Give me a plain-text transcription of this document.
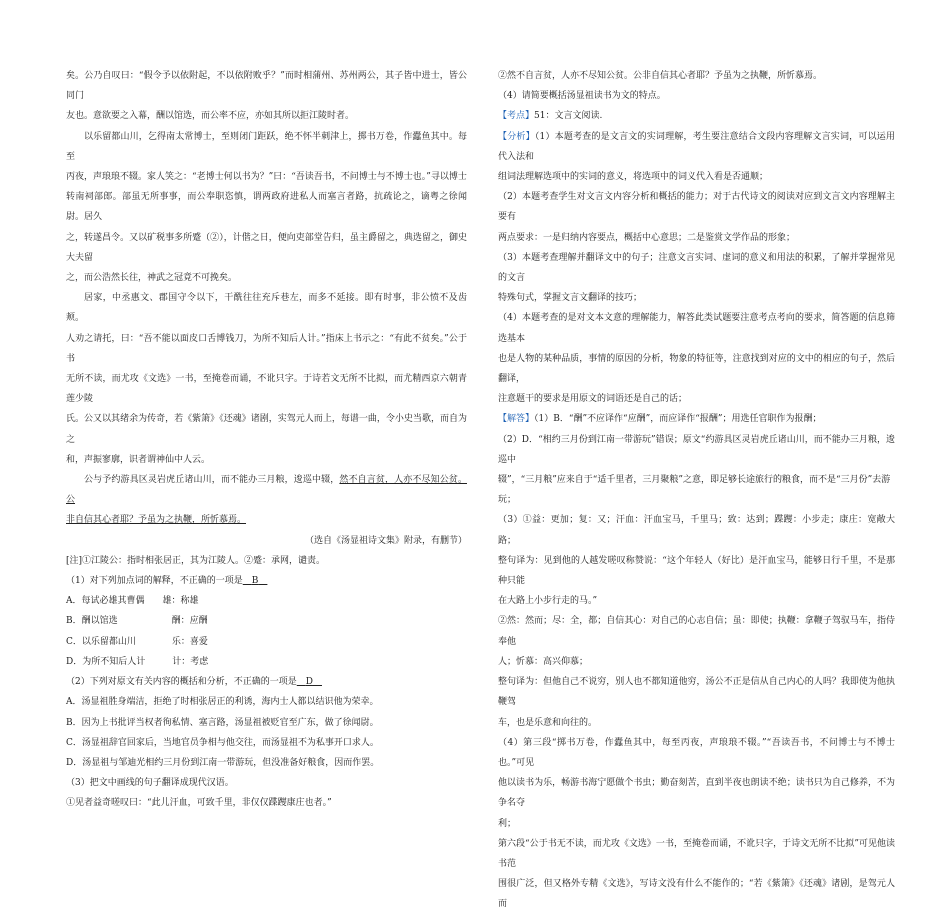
矣。公乃自叹曰：“假令予以依附起，不以依附败乎？”而时相蒲州、苏州两公，其子皆中进士，皆公同门

友也。意欲要之入幕，酬以馆选，而公率不应，亦如其所以拒江陵时者。

以乐留都山川，乞得南太常博士，至则闭门距跃，绝不怀半刺津上，掷书万卷，作蠹鱼其中。每至

丙夜，声琅琅不辍。家人笑之：“老博士何以书为？”曰：“吾读吾书，不问博士与不博士也。”寻以博士

转南祠部郎。部虽无所事事，而公奉职恣慎，谓两政府进私人而塞言者路，抗疏论之，谪粤之徐闻尉。居久

之，转遂昌令。又以矿税事多所蹙（②），计偕之日，便向吏部堂告归，虽主爵留之，典选留之，御史大夫留

之，而公浩然长往，神武之冠竟不可挽矣。

居家，中丞惠文、郡国守令以下，干酰往往充斥巷左，而多不延接。即有时事，非公愤不及齿颊。

人劝之请托，曰：“吾不能以面皮口舌博钱刀，为所不知后人计。”指床上书示之：“有此不贫矣。”公于书

无所不读，而尤攻《文选》一书，至掩卷而诵，不讹只字。于诗若文无所不比拟，而尤精西京六朝青莲少陵

氏。公又以其绪余为传奇，若《紫箫》《还魂》诸剧，实驾元人而上，每谱一曲，令小史当歌，而自为之

和，声振寥廓，识者谓神仙中人云。

公与予约游具区灵岩虎丘诸山川，而不能办三月粮，逡巡中辍，然不自言贫，人亦不尽知公贫。公

非自信其心者耶？予虽为之执鞭，所忻慕焉。

（选自《汤显祖诗文集》附录，有删节）

[注]①江陵公：指时相张居正，其为江陵人。②蹙：承网，谴责。

（1）对下列加点词的解释，不正确的一项是　 B　

A．每试必雄其曹偶　　雄：称雄

B．酬以馆选　　　　　　酬：应酬

C．以乐留都山川　　　　乐：喜爱

D．为所不知后人计　　　计：考虑

（2）下列对原文有关内容的概括和分析，不正确的一项是　 D　

A．汤显祖胜身端洁，拒绝了时相张居正的利诱，海内士人都以结识他为荣幸。

B．因为上书批评当权者徇私情、塞言路，汤显祖被贬官至广东，做了徐闻尉。

C．汤显祖辞官回家后，当地官员争相与他交往，而汤显祖不为私事开口求人。

D．汤显祖与邹迪光相约三月份到江南一带游玩，但没准备好粮食，因而作罢。

（3）把文中画线的句子翻译成现代汉语。

①见者益奇嗟叹曰：“此儿汗血，可致千里，非仅仅蹀躞康庄也者。”

②然不自言贫，人亦不尽知公贫。公非自信其心者耶？予虽为之执鞭，所忻慕焉。

（4）请简要概括汤显祖读书为文的特点。

【考点】51：文言文阅读.

【分析】（1）本题考查的是文言文的实词理解，考生要注意结合文段内容理解文言实词，可以运用代入法和

组词法理解选项中的实词的意义，将选项中的词义代入看是否通顺；

（2）本题考查学生对文言文内容分析和概括的能力；对于古代诗文的阅读对应到文言文内容理解主要有

两点要求：一是归纳内容要点，概括中心意思；二是鉴赏文学作品的形象；

（3）本题考查理解并翻译文中的句子；注意文言实词、虚词的意义和用法的积累，了解并掌握常见的文言

特殊句式，掌握文言文翻译的技巧；

（4）本题考查的是对文本文意的理解能力，解答此类试题要注意考点考向的要求，简答题的信息筛选基本

也是人物的某种品质，事情的原因的分析，物象的特征等，注意找到对应的文中的相应的句子，然后翻译，

注意题干的要求是用原文的词语还是自己的话；

【解答】（1）B．“酬”不应译作“应酬”，而应译作“报酬”；用选任官职作为报酬；

（2）D．“相约三月份到江南一带游玩”错误；原文“约游具区灵岩虎丘诸山川，而不能办三月粮，逡巡中

辍”，“三月粮”应来自于“适千里者，三月聚粮”之意，即足够长途旅行的粮食，而不是“三月份”去游

玩；

（3）①益：更加；复：又；汗血：汗血宝马，千里马；致：达到；蹀躞：小步走；康庄：宽敞大路；

整句译为：见到他的人越发嗟叹称赞说：“这个年轻人（好比）是汗血宝马，能够日行千里，不是那种只能

在大路上小步行走的马。”

②然：然而；尽：全，都；自信其心：对自己的心志自信；虽：即使；执鞭：拿鞭子驾驭马车，指侍奉他

人；忻慕：高兴仰慕；

整句译为：但他自己不说穷，别人也不都知道他穷，汤公不正是信从自己内心的人吗？我即使为他执鞭驾

车，也是乐意和向往的。

（4）第三段“掷书万卷，作蠹鱼其中，每至丙夜，声琅琅不辍。”“吾读吾书，不问博士与不博士也。”可见

他以读书为乐，畅游书海宁愿做个书虫；勤奋刻苦，直到半夜也朗读不绝；读书只为自己修养，不为争名夺

利；

第六段“公于书无不读，而尤攻《文选》一书，至掩卷而诵，不讹只字，于诗文无所不比拟”可见他读书范

围很广泛，但又格外专精《文选》，写诗文没有什么不能作的；“若《紫箫》《还魂》诸剧，是驾元人而
